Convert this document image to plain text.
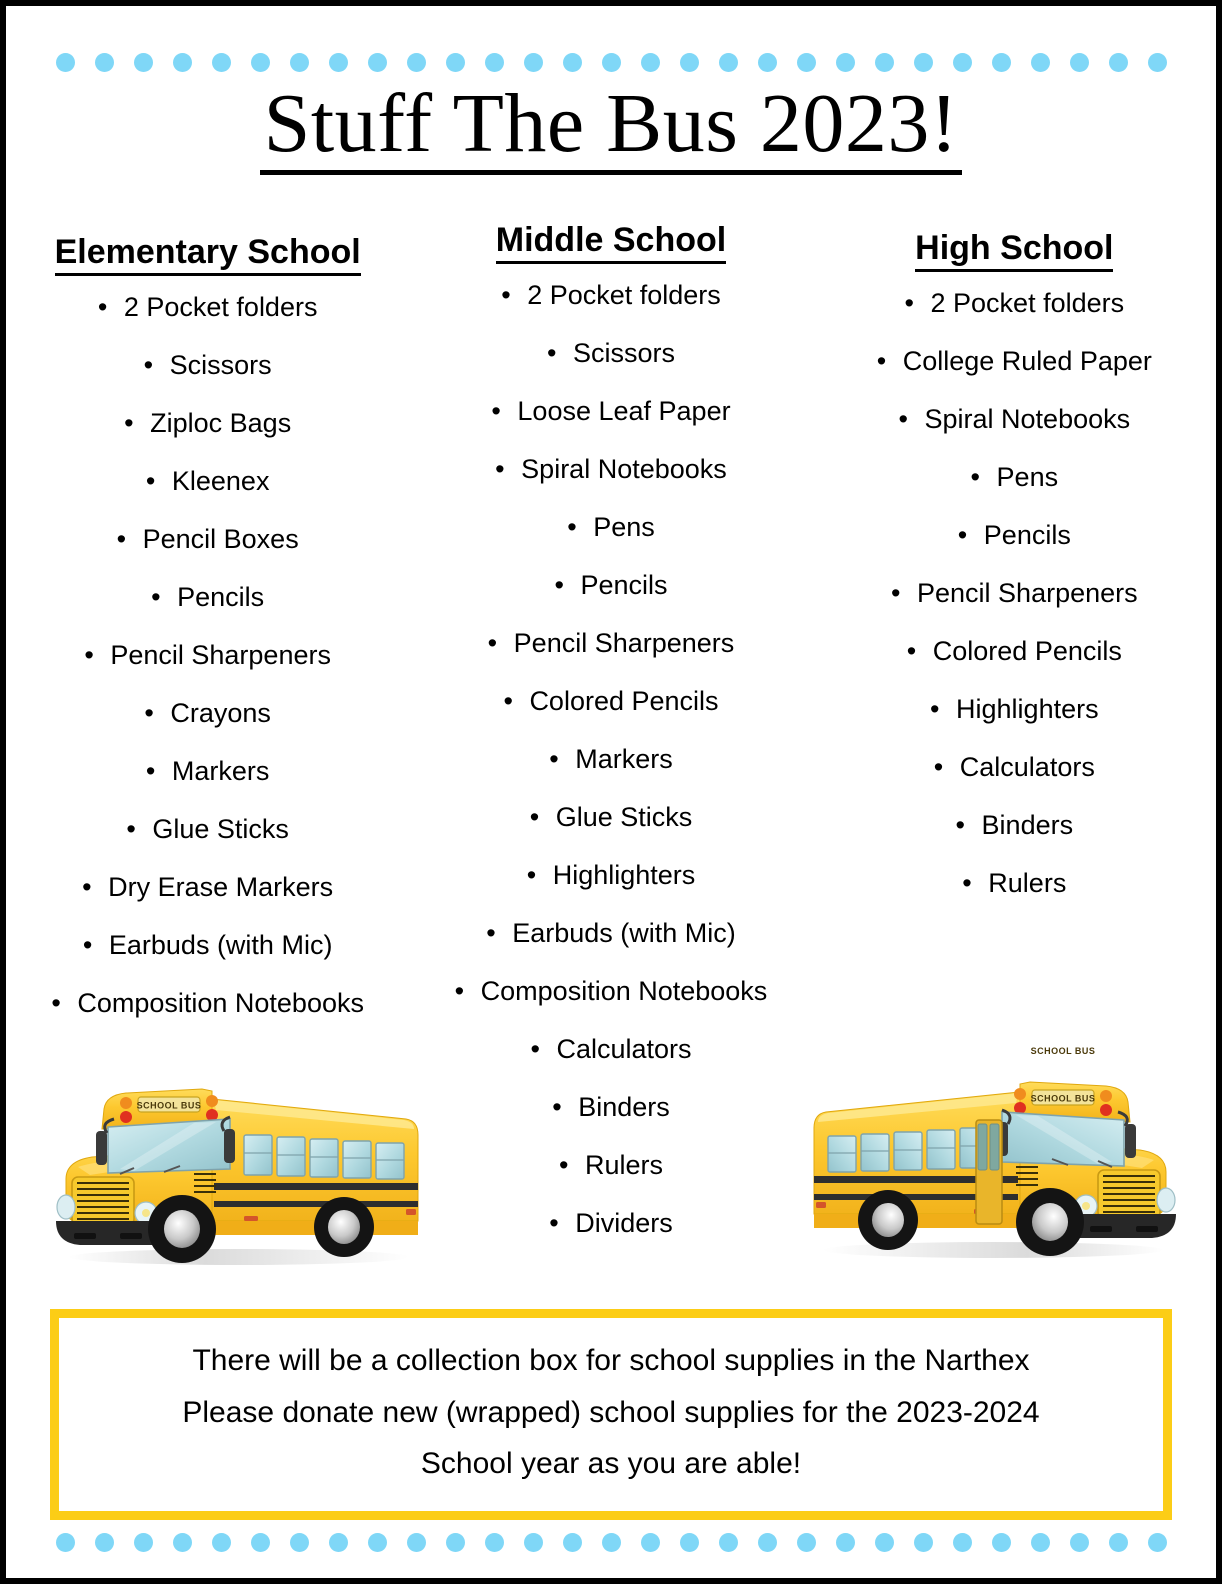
Stuff The Bus 2023!
Elementary School
• 2 Pocket folders
• Scissors
• Ziploc Bags
• Kleenex
• Pencil Boxes
• Pencils
• Pencil Sharpeners
• Crayons
• Markers
• Glue Sticks
• Dry Erase Markers
• Earbuds (with Mic)
• Composition Notebooks
Middle School
• 2 Pocket folders
• Scissors
• Loose Leaf Paper
• Spiral Notebooks
• Pens
• Pencils
• Pencil Sharpeners
• Colored Pencils
• Markers
• Glue Sticks
• Highlighters
• Earbuds (with Mic)
• Composition Notebooks
• Calculators
• Binders
• Rulers
• Dividers
High School
• 2 Pocket folders
• College Ruled Paper
• Spiral Notebooks
• Pens
• Pencils
• Pencil Sharpeners
• Colored Pencils
• Highlighters
• Calculators
• Binders
• Rulers
SCHOOL BUS
SCHOOL BUS
SCHOOL BUS

There will be a collection box for school supplies in the Narthex

Please donate new (wrapped) school supplies for the 2023-2024

School year as you are able!
